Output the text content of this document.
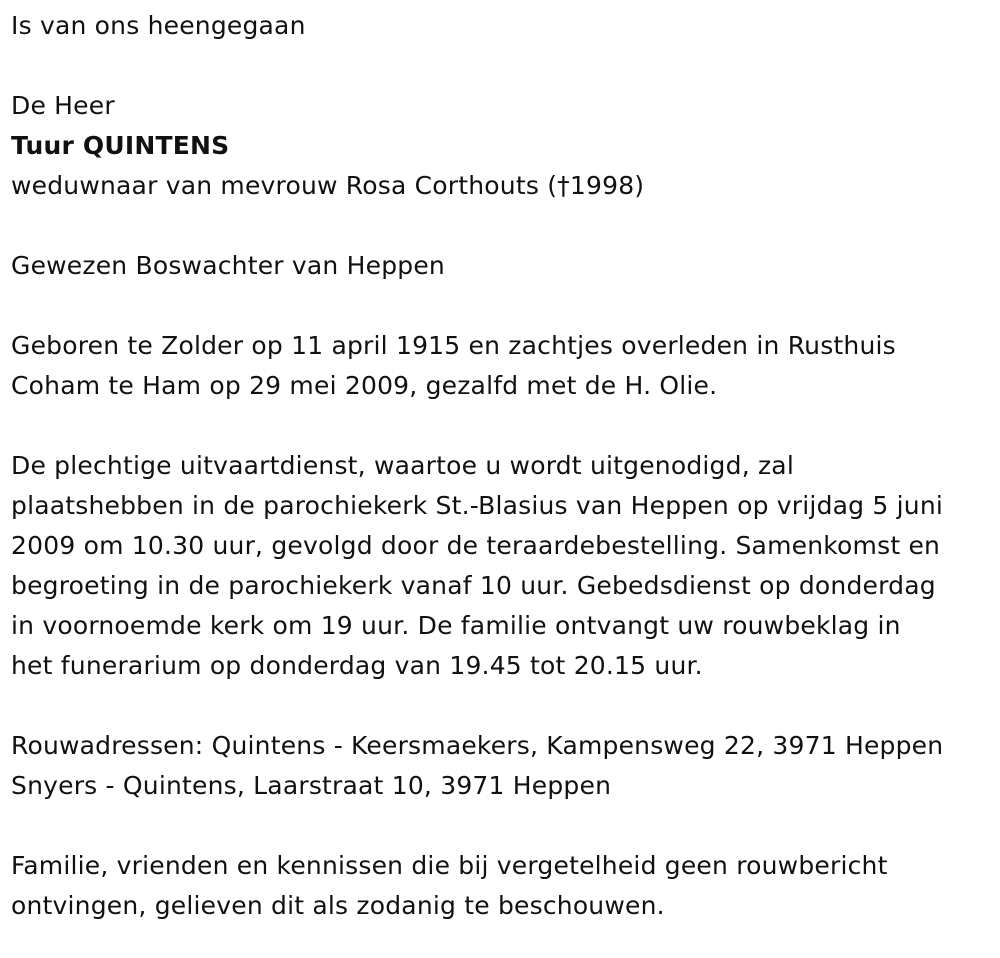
Is van ons heengegaan

De Heer

Tuur QUINTENS

weduwnaar van mevrouw Rosa Corthouts (†1998)

Gewezen Boswachter van Heppen

Geboren te Zolder op 11 april 1915 en zachtjes overleden in Rusthuis

Coham te Ham op 29 mei 2009, gezalfd met de H. Olie.

De plechtige uitvaartdienst, waartoe u wordt uitgenodigd, zal

plaatshebben in de parochiekerk St.-Blasius van Heppen op vrijdag 5 juni

2009 om 10.30 uur, gevolgd door de teraardebestelling. Samenkomst en

begroeting in de parochiekerk vanaf 10 uur. Gebedsdienst op donderdag

in voornoemde kerk om 19 uur. De familie ontvangt uw rouwbeklag in

het funerarium op donderdag van 19.45 tot 20.15 uur.

Rouwadressen: Quintens - Keersmaekers, Kampensweg 22, 3971 Heppen

Snyers - Quintens, Laarstraat 10, 3971 Heppen

Familie, vrienden en kennissen die bij vergetelheid geen rouwbericht

ontvingen, gelieven dit als zodanig te beschouwen.
